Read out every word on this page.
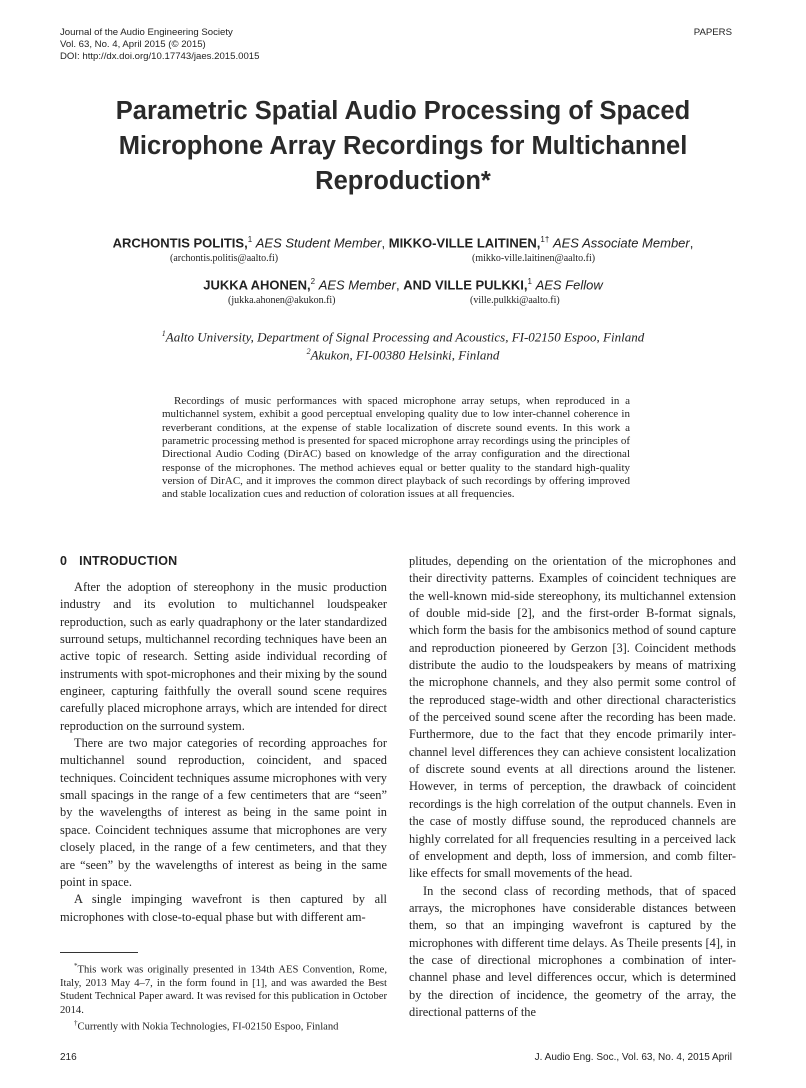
Journal of the Audio Engineering Society
Vol. 63, No. 4, April 2015 (© 2015)
DOI: http://dx.doi.org/10.17743/jaes.2015.0015
PAPERS
Parametric Spatial Audio Processing of Spaced
Microphone Array Recordings for Multichannel
Reproduction*
ARCHONTIS POLITIS,$^1$ AES Student Member, MIKKO-VILLE LAITINEN,$^{1\dagger}$ AES Associate Member,
(archontis.politis@aalto.fi)	(mikko-ville.laitinen@aalto.fi)
JUKKA AHONEN,$^2$ AES Member, AND VILLE PULKKI,$^1$ AES Fellow
(jukka.ahonen@akukon.fi)	(ville.pulkki@aalto.fi)
$^1$Aalto University, Department of Signal Processing and Acoustics, FI-02150 Espoo, Finland
$^2$Akukon, FI-00380 Helsinki, Finland

Recordings of music performances with spaced microphone array setups, when reproduced in a multichannel system, exhibit a good perceptual enveloping quality due to low inter-channel coherence in reverberant conditions, at the expense of stable localization of discrete sound events. In this work a parametric processing method is presented for spaced microphone array recordings using the principles of Directional Audio Coding (DirAC) based on knowledge of the array configuration and the directional response of the microphones. The method achieves equal or better quality to the standard high-quality version of DirAC, and it improves the common direct playback of such recordings by offering improved and stable localization cues and reduction of coloration issues at all frequencies.

0 INTRODUCTION

After the adoption of stereophony in the music production industry and its evolution to multichannel loudspeaker reproduction, such as early quadraphony or the later standardized surround setups, multichannel recording techniques have been an active topic of research. Setting aside individual recording of instruments with spot-microphones and their mixing by the sound engineer, capturing faithfully the overall sound scene requires carefully placed microphone arrays, which are intended for direct reproduction on the surround system.

There are two major categories of recording approaches for multichannel sound reproduction, coincident, and spaced techniques. Coincident techniques assume microphones with very small spacings in the range of a few centimeters that are “seen” by the wavelengths of interest as being in the same point in space. Coincident techniques assume that microphones are very closely placed, in the range of a few centimeters, and that they are “seen” by the wavelengths of interest as being in the same point in space.

A single impinging wavefront is then captured by all microphones with close-to-equal phase but with different am-

plitudes, depending on the orientation of the microphones and their directivity patterns. Examples of coincident techniques are the well-known mid-side stereophony, its multichannel extension of double mid-side [2], and the first-order B-format signals, which form the basis for the ambisonics method of sound capture and reproduction pioneered by Gerzon [3]. Coincident methods distribute the audio to the loudspeakers by means of matrixing the microphone channels, and they also permit some control of the reproduced stage-width and other directional characteristics of the perceived sound scene after the recording has been made. Furthermore, due to the fact that they encode primarily inter-channel level differences they can achieve consistent localization of discrete sound events at all directions around the listener. However, in terms of perception, the drawback of coincident recordings is the high correlation of the output channels. Even in the case of mostly diffuse sound, the reproduced channels are highly correlated for all frequencies resulting in a perceived lack of envelopment and depth, loss of immersion, and comb filter-like effects for small movements of the head.

In the second class of recording methods, that of spaced arrays, the microphones have considerable distances between them, so that an impinging wavefront is captured by the microphones with different time delays. As Theile presents [4], in the case of directional microphones a combination of inter-channel phase and level differences occur, which is determined by the direction of incidence, the geometry of the array, the directional patterns of the

*This work was originally presented in 134th AES Convention, Rome, Italy, 2013 May 4–7, in the form found in [1], and was awarded the Best Student Technical Paper award. It was revised for this publication in October 2014.

†Currently with Nokia Technologies, FI-02150 Espoo, Finland

216	J. Audio Eng. Soc., Vol. 63, No. 4, 2015 April
